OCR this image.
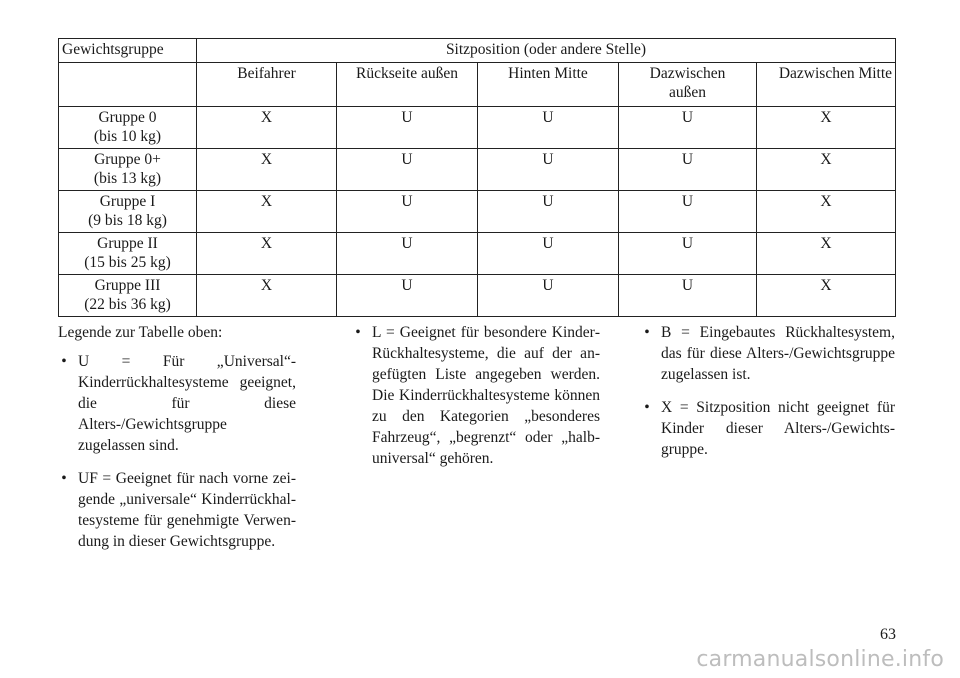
Gewichtsgruppe	Sitzposition (oder andere Stelle)				
	Beifahrer	Rückseite außen	Hinten Mitte	Dazwischen außen	Dazwischen Mitte
Gruppe 0
(bis 10 kg)	X	U	U	U	X
Gruppe 0+
(bis 13 kg)	X	U	U	U	X
Gruppe I
(9 bis 18 kg)	X	U	U	U	X
Gruppe II
(15 bis 25 kg)	X	U	U	U	X
Gruppe III
(22 bis 36 kg)	X	U	U	U	X

Legende zur Tabelle oben:

• U = Für „Universal“-Kinderrückhaltesysteme geeignet, die für diese Alters-/Gewichtsgruppe zugelassen sind.
• UF = Geeignet für nach vorne zeigende „universale“ Kinderrückhaltesysteme für genehmigte Verwendung in dieser Gewichtsgruppe.
• L = Geeignet für besondere KinderRückhaltesysteme, die auf der angefügten Liste angegeben werden. Die Kinderrückhaltesysteme können zu den Kategorien „besonderes Fahrzeug“, „begrenzt“ oder „halbuniversal“ gehören.
• B = Eingebautes Rückhaltesystem, das für diese Alters-/Gewichtsgruppe zugelassen ist.
• X = Sitzposition nicht geeignet für Kinder dieser Alters-/Gewichtsgruppe.
63
carmanualsonline.info
